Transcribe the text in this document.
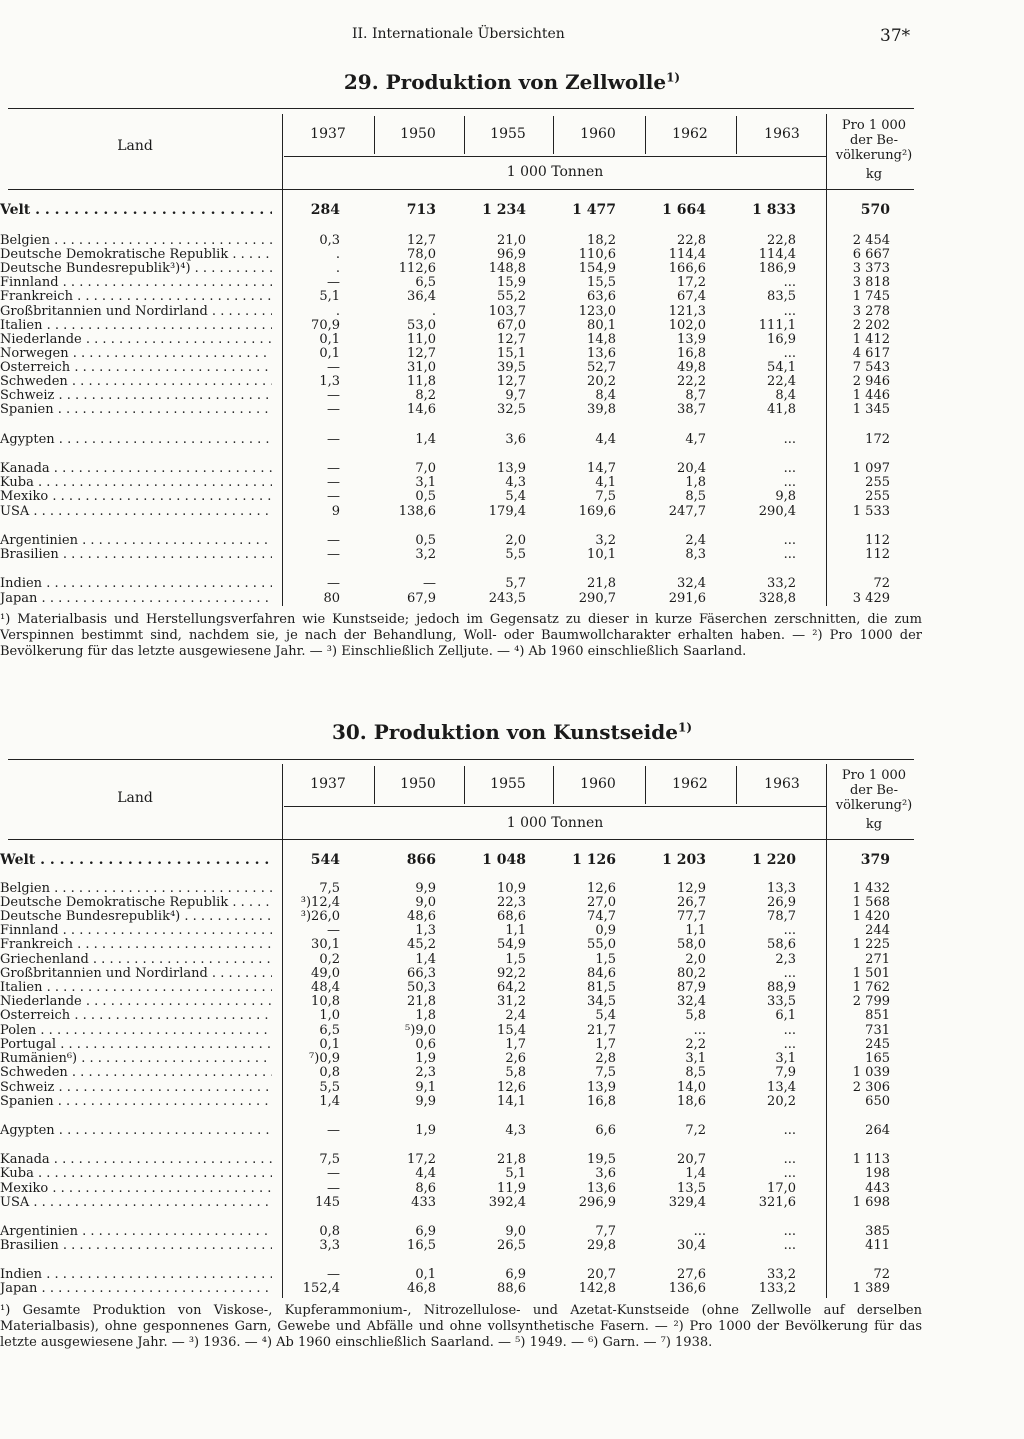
II. Internationale Übersichten	37*
29. Produktion von Zellwolle$^{1)}$
Land
1 000 Tonnen
Pro 1 000
der Be-
völkerung²)
kg
1937	1950	1955	1960	1962	1963
Velt . . .	284	713	1 234	1 477	1 664	1 833	570
Belgien . . .	0,3	12,7	21,0	18,2	22,8	22,8	2 454
Deutsche Demokratische Republik . . .	.	78,0	96,9	110,6	114,4	114,4	6 667
Deutsche Bundesrepublik³)⁴) . . .	.	112,6	148,8	154,9	166,6	186,9	3 373
Finnland . . .	—	6,5	15,9	15,5	17,2	...	3 818
Frankreich . . .	5,1	36,4	55,2	63,6	67,4	83,5	1 745
Großbritannien und Nordirland . . .	.	.	103,7	123,0	121,3	...	3 278
Italien . . .	70,9	53,0	67,0	80,1	102,0	111,1	2 202
Niederlande . . .	0,1	11,0	12,7	14,8	13,9	16,9	1 412
Norwegen . . .	0,1	12,7	15,1	13,6	16,8	...	4 617
Österreich . . .	—	31,0	39,5	52,7	49,8	54,1	7 543
Schweden . . .	1,3	11,8	12,7	20,2	22,2	22,4	2 946
Schweiz . . .	—	8,2	9,7	8,4	8,7	8,4	1 446
Spanien . . .	—	14,6	32,5	39,8	38,7	41,8	1 345
Ägypten . . .	—	1,4	3,6	4,4	4,7	...	172
Kanada . . .	—	7,0	13,9	14,7	20,4	...	1 097
Kuba . . .	—	3,1	4,3	4,1	1,8	...	255
Mexiko . . .	—	0,5	5,4	7,5	8,5	9,8	255
USA . . .	9	138,6	179,4	169,6	247,7	290,4	1 533
Argentinien . . .	—	0,5	2,0	3,2	2,4	...	112
Brasilien . . .	—	3,2	5,5	10,1	8,3	...	112
Indien . . .	—	—	5,7	21,8	32,4	33,2	72
Japan . . .	80	67,9	243,5	290,7	291,6	328,8	3 429
¹) Materialbasis und Herstellungsverfahren wie Kunstseide; jedoch im Gegensatz zu dieser in kurze Fäserchen zerschnitten, die zum Verspinnen bestimmt sind, nachdem sie, je nach der Behandlung, Woll- oder Baumwollcharakter erhalten haben. — ²) Pro 1000 der Bevölkerung für das letzte ausgewiesene Jahr. — ³) Einschließlich Zelljute. — ⁴) Ab 1960 einschließlich Saarland.
30. Produktion von Kunstseide$^{1)}$
Land
1 000 Tonnen
Pro 1 000
der Be-
völkerung²)
kg
1937	1950	1955	1960	1962	1963
Welt . . .	544	866	1 048	1 126	1 203	1 220	379
Belgien . . .	7,5	9,9	10,9	12,6	12,9	13,3	1 432
Deutsche Demokratische Republik . . .	³)12,4	9,0	22,3	27,0	26,7	26,9	1 568
Deutsche Bundesrepublik⁴) . . .	³)26,0	48,6	68,6	74,7	77,7	78,7	1 420
Finnland . . .	—	1,3	1,1	0,9	1,1	...	244
Frankreich . . .	30,1	45,2	54,9	55,0	58,0	58,6	1 225
Griechenland . . .	0,2	1,4	1,5	1,5	2,0	2,3	271
Großbritannien und Nordirland . . .	49,0	66,3	92,2	84,6	80,2	...	1 501
Italien . . .	48,4	50,3	64,2	81,5	87,9	88,9	1 762
Niederlande . . .	10,8	21,8	31,2	34,5	32,4	33,5	2 799
Österreich . . .	1,0	1,8	2,4	5,4	5,8	6,1	851
Polen . . .	6,5	⁵)9,0	15,4	21,7	...	...	731
Portugal . . .	0,1	0,6	1,7	1,7	2,2	...	245
Rumänien⁶) . . .	⁷)0,9	1,9	2,6	2,8	3,1	3,1	165
Schweden . . .	0,8	2,3	5,8	7,5	8,5	7,9	1 039
Schweiz . . .	5,5	9,1	12,6	13,9	14,0	13,4	2 306
Spanien . . .	1,4	9,9	14,1	16,8	18,6	20,2	650
Ägypten . . .	—	1,9	4,3	6,6	7,2	...	264
Kanada . . .	7,5	17,2	21,8	19,5	20,7	...	1 113
Kuba . . .	—	4,4	5,1	3,6	1,4	...	198
Mexiko . . .	—	8,6	11,9	13,6	13,5	17,0	443
USA . . .	145	433	392,4	296,9	329,4	321,6	1 698
Argentinien . . .	0,8	6,9	9,0	7,7	...	...	385
Brasilien . . .	3,3	16,5	26,5	29,8	30,4	...	411
Indien . . .	—	0,1	6,9	20,7	27,6	33,2	72
Japan . . .	152,4	46,8	88,6	142,8	136,6	133,2	1 389
¹) Gesamte Produktion von Viskose-, Kupferammonium-, Nitrozellulose- und Azetat-Kunstseide (ohne Zellwolle auf derselben Materialbasis), ohne gesponnenes Garn, Gewebe und Abfälle und ohne vollsynthetische Fasern. — ²) Pro 1000 der Bevölkerung für das letzte ausgewiesene Jahr. — ³) 1936. — ⁴) Ab 1960 einschließlich Saarland. — ⁵) 1949. — ⁶) Garn. — ⁷) 1938.
